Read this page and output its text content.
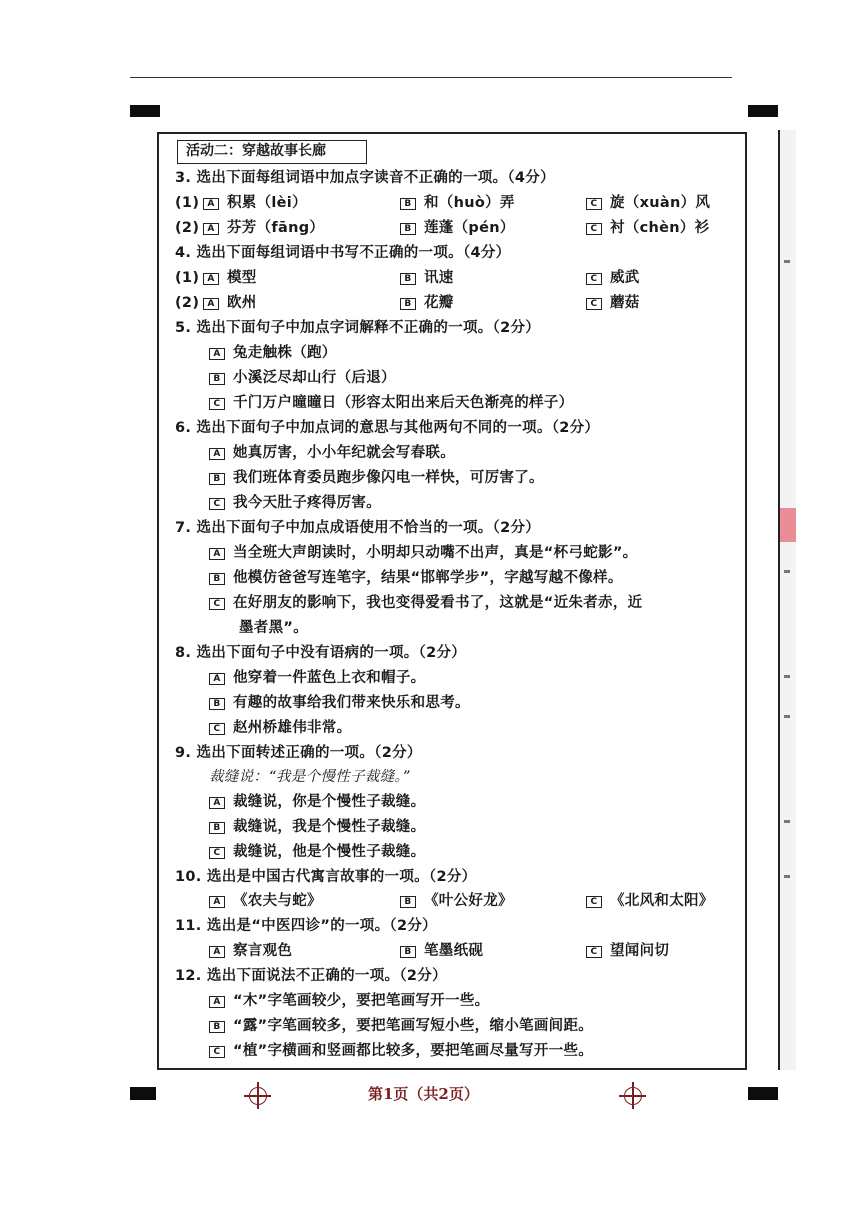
活动二：穿越故事长廊
3. 选出下面每组词语中加点字读音不正确的一项。（4分）
(1) A 积累（lèi）	B 和（huò）弄	C 旋（xuàn）风
(2) A 芬芳（fāng）	B 莲蓬（pén）	C 衬（chèn）衫
4. 选出下面每组词语中书写不正确的一项。（4分）
(1) A 模型	B 讯速	C 威武
(2) A 欧州	B 花瓣	C 蘑菇
5. 选出下面句子中加点字词解释不正确的一项。（2分）
A 兔走触株（跑）
B 小溪泛尽却山行（后退）
C 千门万户曈曈日（形容太阳出来后天色渐亮的样子）
6. 选出下面句子中加点词的意思与其他两句不同的一项。（2分）
A 她真厉害，小小年纪就会写春联。
B 我们班体育委员跑步像闪电一样快，可厉害了。
C 我今天肚子疼得厉害。
7. 选出下面句子中加点成语使用不恰当的一项。（2分）
A 当全班大声朗读时，小明却只动嘴不出声，真是“杯弓蛇影”。
B 他模仿爸爸写连笔字，结果“邯郸学步”，字越写越不像样。
C 在好朋友的影响下，我也变得爱看书了，这就是“近朱者赤，近
墨者黑”。
8. 选出下面句子中没有语病的一项。（2分）
A 他穿着一件蓝色上衣和帽子。
B 有趣的故事给我们带来快乐和思考。
C 赵州桥雄伟非常。
9. 选出下面转述正确的一项。（2分）
裁缝说：“我是个慢性子裁缝。”
A 裁缝说，你是个慢性子裁缝。
B 裁缝说，我是个慢性子裁缝。
C 裁缝说，他是个慢性子裁缝。
10. 选出是中国古代寓言故事的一项。（2分）
A 《农夫与蛇》	B 《叶公好龙》	C 《北风和太阳》
11. 选出是“中医四诊”的一项。（2分）
A 察言观色	B 笔墨纸砚	C 望闻问切
12. 选出下面说法不正确的一项。（2分）
A “木”字笔画较少，要把笔画写开一些。
B “露”字笔画较多，要把笔画写短小些，缩小笔画间距。
C “植”字横画和竖画都比较多，要把笔画尽量写开一些。
第1页（共2页）
